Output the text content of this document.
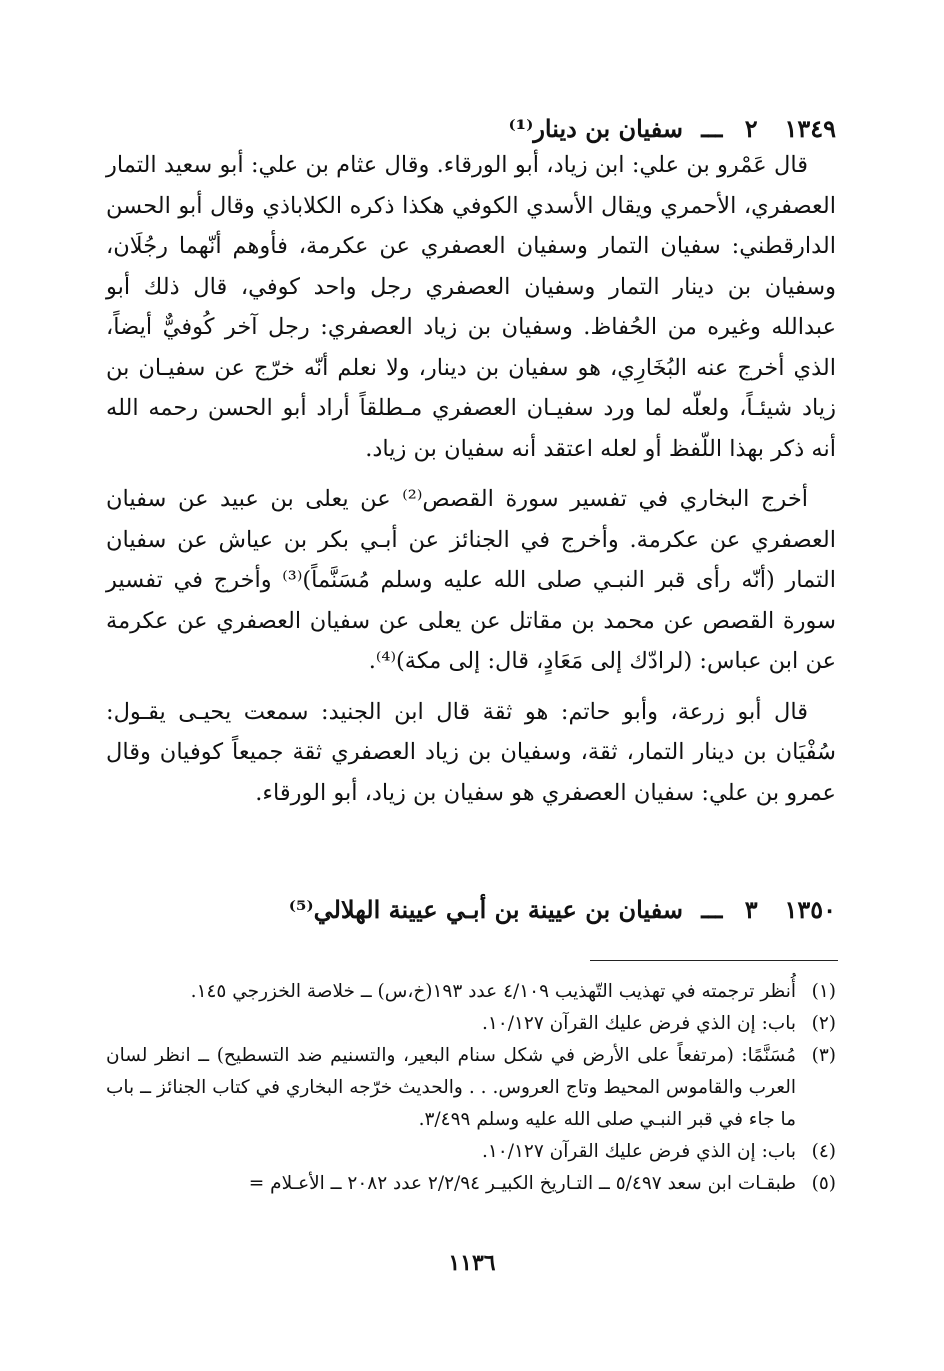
١٣٤٩ ٢ ـــ سفيان بن دينار⁽¹⁾

قال عَمْرو بن علي: ابن زياد، أبو الورقاء. وقال عثام بن علي: أبو سعيد التمار العصفري، الأحمري ويقال الأسدي الكوفي هكذا ذكره الكلاباذي وقال أبو الحسن الدارقطني: سفيان التمار وسفيان العصفري عن عكرمة، فأوهم أنّهما رجُلَان، وسفيان بن دينار التمار وسفيان العصفري رجل واحد كوفي، قال ذلك أبو عبدالله وغيره من الحُفاظ. وسفيان بن زياد العصفري: رجل آخر كُوفيٌّ أيضاً، الذي أخرج عنه البُخَارِي، هو سفيان بن دينار، ولا نعلم أنّه خرّج عن سفيـان بن زياد شيئـاً، ولعلّه لما ورد سفيـان العصفري مـطلقاً أراد أبو الحسن رحمه الله أنه ذكر بهذا اللّفظ أو لعله اعتقد أنه سفيان بن زياد.

أخرج البخاري في تفسير سورة القصص⁽²⁾ عن يعلى بن عبيد عن سفيان العصفري عن عكرمة. وأخرج في الجنائز عن أبـي بكر بن عياش عن سفيان التمار (أنّه رأى قبر النبـي صلى الله عليه وسلم مُسَنَّماً)⁽³⁾ وأخرج في تفسير سورة القصص عن محمد بن مقاتل عن يعلى عن سفيان العصفري عن عكرمة عن ابن عباس: (لرادّك إلى مَعَادٍ، قال: إلى مكة)⁽⁴⁾.

قال أبو زرعة، وأبو حاتم: هو ثقة قال ابن الجنيد: سمعت يحيـى يقـول: سُفْيَان بن دينار التمار، ثقة، وسفيان بن زياد العصفري ثقة جميعاً كوفيان وقال عمرو بن علي: سفيان العصفري هو سفيان بن زياد، أبو الورقاء.

١٣٥٠ ٣ ـــ سفيان بن عيينة بن أبـي عيينة الهلالي⁽⁵⁾
(١)
أُنظر ترجمته في تهذيب التّهذيب ٤/١٠٩ عدد ١٩٣(خ،س) ــ خلاصة الخزرجي ١٤٥.
(٢)
باب: إن الذي فرض عليك القرآن ١٠/١٢٧.
(٣)
مُسَنَّمًا: (مرتفعاً على الأرض في شكل سنام البعير، والتسنيم ضد التسطيح) ــ انظر لسان العرب والقاموس المحيط وتاج العروس. . . والحديث خرّجه البخاري في كتاب الجنائز ــ باب ما جاء في قبر النبـي صلى الله عليه وسلم ٣/٤٩٩.
(٤)
باب: إن الذي فرض عليك القرآن ١٠/١٢٧.
(٥)
طبقـات ابن سعد ٥/٤٩٧ ــ التـاريخ الكبيـر ٢/٢/٩٤ عدد ٢٠٨٢ ــ الأعـلام =
١١٣٦
